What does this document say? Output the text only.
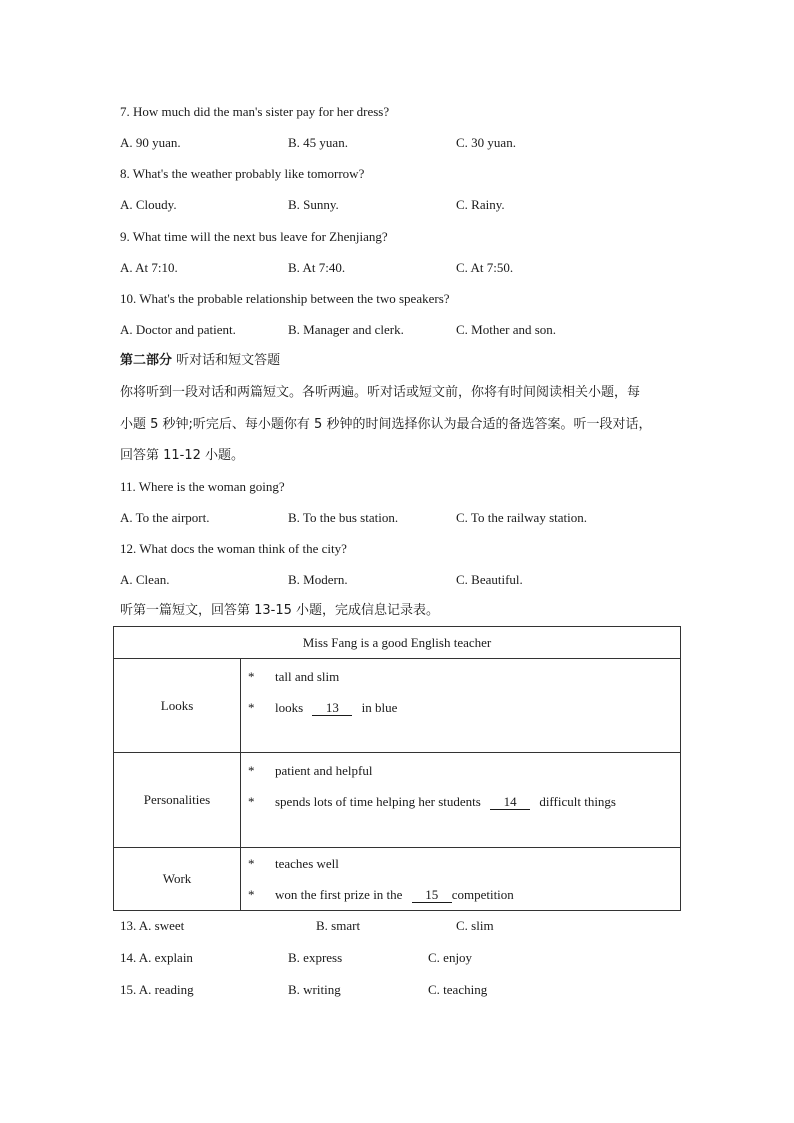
7. How much did the man's sister pay for her dress?
A. 90 yuan.	B. 45 yuan.	C. 30 yuan.
8. What's the weather probably like tomorrow?
A. Cloudy.	B. Sunny.	C. Rainy.
9. What time will the next bus leave for Zhenjiang?
A. At 7:10.	B. At 7:40.	C. At 7:50.
10. What's the probable relationship between the two speakers?
A. Doctor and patient.	B. Manager and clerk.	C. Mother and son.
第二部分 听对话和短文答题
你将听到一段对话和两篇短文。各听两遍。听对话或短文前，你将有时间阅读相关小题，每
小题 5 秒钟;听完后、每小题你有 5 秒钟的时间选择你认为最合适的备选答案。听一段对话，
回答第 11-12 小题。
11. Where is the woman going?
A. To the airport.	B. To the bus station.	C. To the railway station.
12. What docs the woman think of the city?
A. Clean.	B. Modern.	C. Beautiful.
听第一篇短文，回答第 13-15 小题，完成信息记录表。
Miss Fang is a good English teacher	
Looks	* tall and slim
* looks 13 in blue

Personalities	* patient and helpful
* spends lots of time helping her students 14 difficult things

Work	* teaches well
* won the first prize in the 15 competition
13. A. sweet	B. smart	C. slim
14. A. explain	B. express	C. enjoy
15. A. reading	B. writing	C. teaching
